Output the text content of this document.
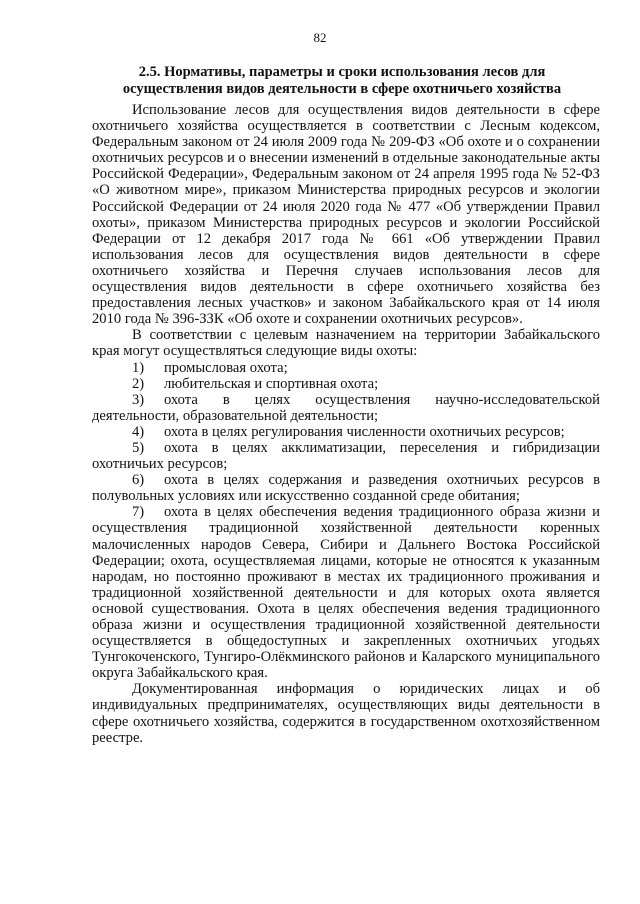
82
2.5. Нормативы, параметры и сроки использования лесов для осуществления видов деятельности в сфере охотничьего хозяйства

Использование лесов для осуществления видов деятельности в сфере охотничьего хозяйства осуществляется в соответствии с Лесным кодексом, Федеральным законом от 24 июля 2009 года № 209-ФЗ «Об охоте и о сохранении охотничьих ресурсов и о внесении изменений в отдельные законодательные акты Российской Федерации», Федеральным законом от 24 апреля 1995 года № 52-ФЗ «О животном мире», приказом Министерства природных ресурсов и экологии Российской Федерации от 24 июля 2020 года № 477 «Об утверждении Правил охоты», приказом Министерства природных ресурсов и экологии Российской Федерации от 12 декабря 2017 года № 661 «Об утверждении Правил использования лесов для осуществления видов деятельности в сфере охотничьего хозяйства и Перечня случаев использования лесов для осуществления видов деятельности в сфере охотничьего хозяйства без предоставления лесных участков» и законом Забайкальского края от 14 июля 2010 года № 396-ЗЗК «Об охоте и сохранении охотничьих ресурсов».

В соответствии с целевым назначением на территории Забайкальского края могут осуществляться следующие виды охоты:

1)	промысловая охота;
2)	любительская и спортивная охота;

3) охота в целях осуществления научно-исследовательской деятельности, образовательной деятельности;

4)	охота в целях регулирования численности охотничьих ресурсов;

5) охота в целях акклиматизации, переселения и гибридизации охотничьих ресурсов;

6) охота в целях содержания и разведения охотничьих ресурсов в полувольных условиях или искусственно созданной среде обитания;

7) охота в целях обеспечения ведения традиционного образа жизни и осуществления традиционной хозяйственной деятельности коренных малочисленных народов Севера, Сибири и Дальнего Востока Российской Федерации; охота, осуществляемая лицами, которые не относятся к указанным народам, но постоянно проживают в местах их традиционного проживания и традиционной хозяйственной деятельности и для которых охота является основой существования. Охота в целях обеспечения ведения традиционного образа жизни и осуществления традиционной хозяйственной деятельности осуществляется в общедоступных и закрепленных охотничьих угодьях Тунгокоченского, Тунгиро-Олёкминского районов и Каларского муниципального округа Забайкальского края.

Документированная информация о юридических лицах и об индивидуальных предпринимателях, осуществляющих виды деятельности в сфере охотничьего хозяйства, содержится в государственном охотхозяйственном реестре.
